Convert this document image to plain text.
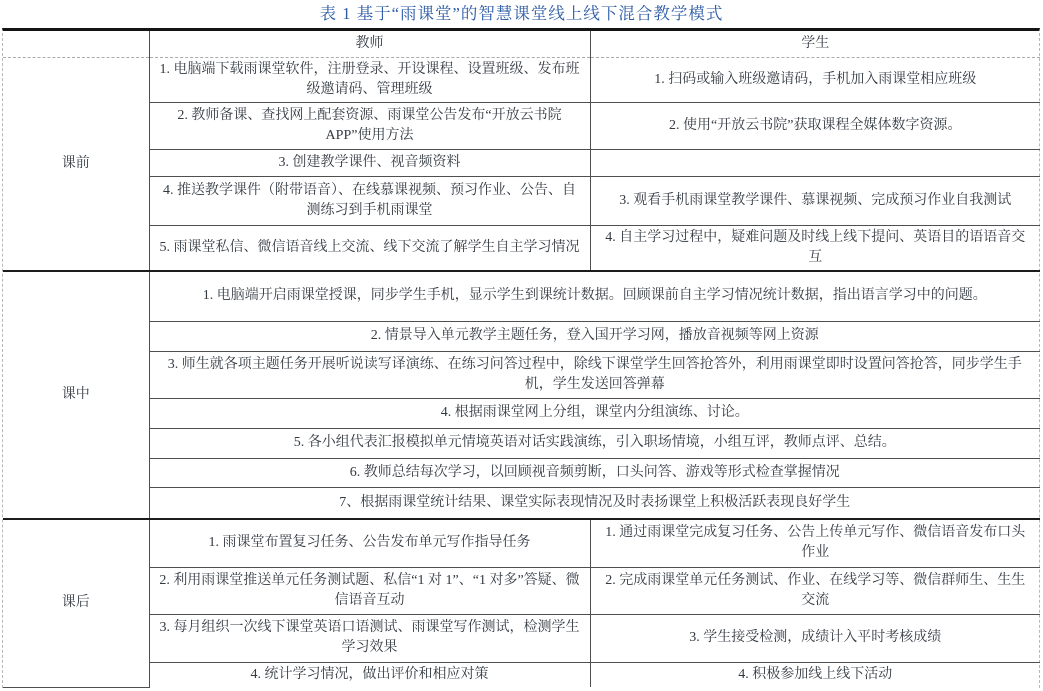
表 1 基于“雨课堂”的智慧课堂线上线下混合教学模式
	教师	学生
课前	1. 电脑端下载雨课堂软件，注册登录、开设课程、设置班级、发布班级邀请码、管理班级	1. 扫码或输入班级邀请码，手机加入雨课堂相应班级
	2. 教师备课、查找网上配套资源、雨课堂公告发布“开放云书院 APP”使用方法	2. 使用“开放云书院”获取课程全媒体数字资源。
	3. 创建教学课件、视音频资料	
	4. 推送教学课件（附带语音）、在线慕课视频、预习作业、公告、自测练习到手机雨课堂	3. 观看手机雨课堂教学课件、慕课视频、完成预习作业自我测试
	5. 雨课堂私信、微信语音线上交流、线下交流了解学生自主学习情况	4. 自主学习过程中，疑难问题及时线上线下提问、英语目的语语音交互
课中	1. 电脑端开启雨课堂授课，同步学生手机，显示学生到课统计数据。回顾课前自主学习情况统计数据，指出语言学习中的问题。	
	2. 情景导入单元教学主题任务，登入国开学习网，播放音视频等网上资源	
	3. 师生就各项主题任务开展听说读写译演练、在练习问答过程中，除线下课堂学生回答抢答外，利用雨课堂即时设置问答抢答，同步学生手机，学生发送回答弹幕	
	4. 根据雨课堂网上分组，课堂内分组演练、讨论。	
	5. 各小组代表汇报模拟单元情境英语对话实践演练，引入职场情境，小组互评，教师点评、总结。	
	6. 教师总结每次学习，以回顾视音频剪断，口头问答、游戏等形式检查掌握情况	
	7、根据雨课堂统计结果、课堂实际表现情况及时表扬课堂上积极活跃表现良好学生	
课后	1. 雨课堂布置复习任务、公告发布单元写作指导任务	1. 通过雨课堂完成复习任务、公告上传单元写作、微信语音发布口头作业
	2. 利用雨课堂推送单元任务测试题、私信“1 对 1”、“1 对多”答疑、微信语音互动	2. 完成雨课堂单元任务测试、作业、在线学习等、微信群师生、生生交流
	3. 每月组织一次线下课堂英语口语测试、雨课堂写作测试，检测学生学习效果	3. 学生接受检测，成绩计入平时考核成绩
	4. 统计学习情况，做出评价和相应对策	4. 积极参加线上线下活动
